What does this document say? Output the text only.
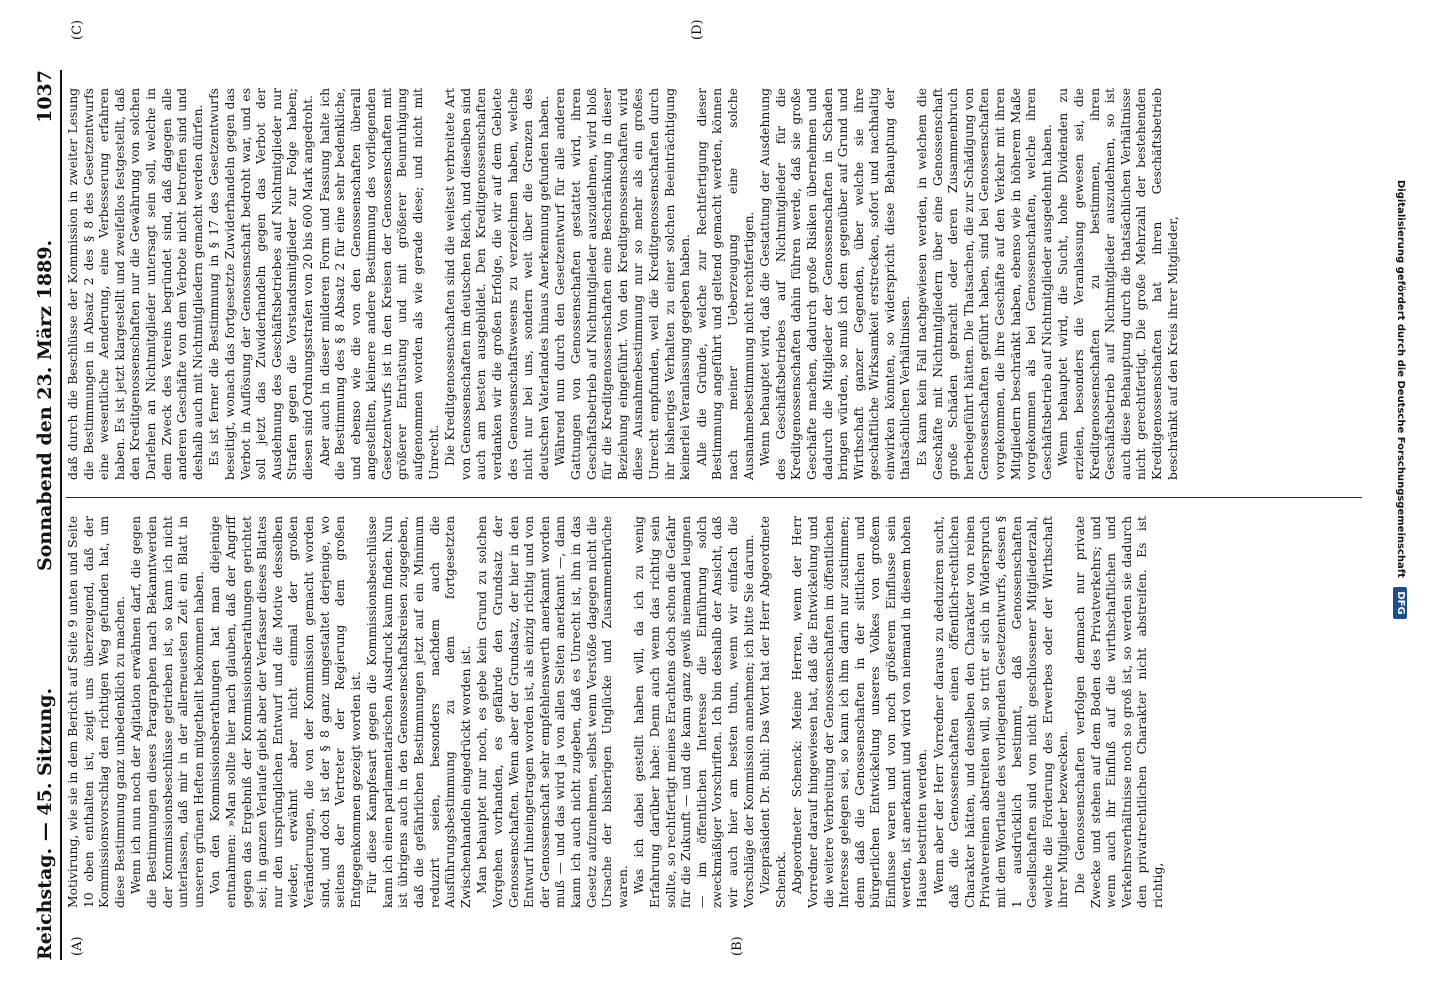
Reichstag. — 45. Sitzung.
Sonnabend den 23. März 1889.
1037
(A)	(B)
(C)	(D)

Motivirung, wie sie in dem Bericht auf Seite 9 unten und Seite 10 oben enthalten ist, zeigt uns überzeugend, daß der Kommissionsvorschlag den richtigen Weg gefunden hat, um diese Bestimmung ganz unbedenklich zu machen. Wenn ich nun noch der Agitation erwähnen darf, die gegen die Bestimmungen dieses Paragraphen nach Bekanntwerden der Kommissionsbeschlüsse getrieben ist, so kann ich nicht unterlassen, daß mir in der allerneuesten Zeit ein Blatt in unseren grünen Heften mitgetheilt bekommen haben. Von den Kommissionsberathungen hat man diejenige entnahmen: »Man sollte hier nach glauben, daß der Angriff gegen das Ergebniß der Kommissionsberathungen gerichtet sei; in ganzen Verlaufe giebt aber der Verfasser dieses Blattes nur den ursprünglichen Entwurf und die Motive desselben wieder, erwähnt aber nicht einmal der großen Veränderungen, die von der Kommission gemacht worden sind, und doch ist der § 8 ganz umgestaltet derjenige, wo seitens der Vertreter der Regierung dem großen Entgegenkommen gezeigt worden ist. Für diese Kampfesart gegen die Kommissionsbeschlüsse kann ich einen parlamentarischen Ausdruck kaum finden. Nun ist übrigens auch in den Genossenschaftskreisen zugegeben, daß die gefährlichen Bestimmungen jetzt auf ein Minimum reduzirt seien, besonders nachdem auch die Ausführungsbestimmung zu dem fortgesetzten Zwischenhandeln eingedrückt worden ist. Man behauptet nur noch, es gebe kein Grund zu solchen Vorgehen vorhanden, es gefährde den Grundsatz der Genossenschaften. Wenn aber der Grundsatz, der hier in den Entwurf hineingetragen worden ist, als einzig richtig und von der Genossenschaft sehr empfehlenswerth anerkannt worden muß — und das wird ja von allen Seiten anerkannt —, dann kann ich auch nicht zugeben, daß es Unrecht ist, ihn in das Gesetz aufzunehmen, selbst wenn Verstöße dagegen nicht die Ursache der bisherigen Unglücke und Zusammenbrüche waren. Was ich dabei gestellt haben will, da ich zu wenig Erfahrung darüber habe: Denn auch wenn das richtig sein sollte, so rechtfertigt meines Erachtens doch schon die Gefahr für die Zukunft — und die kann ganz gewiß niemand leugnen — im öffentlichen Interesse die Einführung solch zweckmäßiger Vorschriften. Ich bin deshalb der Ansicht, daß wir auch hier am besten thun, wenn wir einfach die Vorschläge der Kommission annehmen; ich bitte Sie darum. Vizepräsident Dr. Buhl: Das Wort hat der Herr Abgeordnete Schenck. Abgeordneter Schenck: Meine Herren, wenn der Herr Vorredner darauf hingewiesen hat, daß die Entwickelung und die weitere Verbreitung der Genossenschaften im öffentlichen Interesse gelegen sei, so kann ich ihm darin nur zustimmen; denn daß die Genossenschaften in der sittlichen und bürgerlichen Entwickelung unseres Volkes von großem Einflusse waren und von noch größerem Einflusse sein werden, ist anerkannt und wird von niemand in diesem hohen Hause bestritten werden. Wenn aber der Herr Vorredner daraus zu deduziren sucht, daß die Genossenschaften einen öffentlich-rechtlichen Charakter hätten, und denselben den Charakter von reinen Privatvereinen abstreiten will, so tritt er sich in Widerspruch mit dem Wortlaute des vorliegenden Gesetzentwurfs, dessen § 1 ausdrücklich bestimmt, daß Genossenschaften Gesellschaften sind von nicht geschlossener Mitgliederzahl, welche die Förderung des Erwerbes oder der Wirthschaft ihrer Mitglieder bezwecken. Die Genossenschaften verfolgen demnach nur private Zwecke und stehen auf dem Boden des Privatverkehrs; und wenn auch ihr Einfluß auf die wirthschaftlichen und Verkehrsverhältnisse noch so groß ist, so werden sie dadurch den privatrechtlichen Charakter nicht abstreifen. Es ist richtig,

daß durch die Beschlüsse der Kommission in zweiter Lesung die Bestimmungen in Absatz 2 des § 8 des Gesetzentwurfs eine wesentliche Aenderung, eine Verbesserung erfahren haben. Es ist jetzt klargestellt und zweifellos festgestellt, daß den Kreditgenossenschaften nur die Gewährung von solchen Darlehen an Nichtmitglieder untersagt sein soll, welche in dem Zweck des Vereins begründet sind, daß dagegen alle anderen Geschäfte von dem Verbote nicht betroffen sind und deshalb auch mit Nichtmitgliedern gemacht werden dürfen. Es ist ferner die Bestimmung in § 17 des Gesetzentwurfs beseitigt, wonach das fortgesetzte Zuwiderhandeln gegen das Verbot in Auflösung der Genossenschaft bedroht war, und es soll jetzt das Zuwiderhandeln gegen das Verbot der Ausdehnung des Geschäftsbetriebes auf Nichtmitglieder nur Strafen gegen die Vorstandsmitglieder zur Folge haben; diesen sind Ordnungsstrafen von 20 bis 600 Mark angedroht. Aber auch in dieser milderen Form und Fassung halte ich die Bestimmung des § 8 Absatz 2 für eine sehr bedenkliche, und ebenso wie die von den Genossenschaften überall angestellten, kleinere andere Bestimmung des vorliegenden Gesetzentwurfs ist in den Kreisen der Genossenschaften mit größerer Entrüstung und mit größerer Beunruhigung aufgenommen worden als wie gerade diese; und nicht mit Unrecht. Die Kreditgenossenschaften sind die weitest verbreitete Art von Genossenschaften im deutschen Reich, und dieselben sind auch am besten ausgebildet. Den Kreditgenossenschaften verdanken wir die großen Erfolge, die wir auf dem Gebiete des Genossenschaftswesens zu verzeichnen haben, welche nicht nur bei uns, sondern weit über die Grenzen des deutschen Vaterlandes hinaus Anerkennung gefunden haben. Während nun durch den Gesetzentwurf für alle anderen Gattungen von Genossenschaften gestattet wird, ihren Geschäftsbetrieb auf Nichtmitglieder auszudehnen, wird bloß für die Kreditgenossenschaften eine Beschränkung in dieser Beziehung eingeführt. Von den Kreditgenossenschaften wird diese Ausnahmebestimmung nur so mehr als ein großes Unrecht empfunden, weil die Kreditgenossenschaften durch ihr bisheriges Verhalten zu einer solchen Beeinträchtigung keinerlei Veranlassung gegeben haben. Alle die Gründe, welche zur Rechtfertigung dieser Bestimmung angeführt und geltend gemacht werden, können nach meiner Ueberzeugung eine solche Ausnahmebestimmung nicht rechtfertigen. Wenn behauptet wird, daß die Gestattung der Ausdehnung des Geschäftsbetriebes auf Nichtmitglieder für die Kreditgenossenschaften dahin führen werde, daß sie große Geschäfte machen, dadurch große Risiken übernehmen und dadurch die Mitglieder der Genossenschaften in Schaden bringen würden, so muß ich dem gegenüber auf Grund und Wirthschaft ganzer Gegenden, über welche sie ihre geschäftliche Wirksamkeit erstrecken, sofort und nachhaltig einwirken könnten, so widerspricht diese Behauptung der thatsächlichen Verhältnissen. Es kann kein Fall nachgewiesen werden, in welchem die Geschäfte mit Nichtmitgliedern über eine Genossenschaft große Schäden gebracht oder deren Zusammenbruch herbeigeführt hätten. Die Thatsachen, die zur Schädigung von Genossenschaften geführt haben, sind bei Genossenschaften vorgekommen, die ihre Geschäfte auf den Verkehr mit ihren Mitgliedern beschränkt haben, ebenso wie in höherem Maße vorgekommen als bei Genossenschaften, welche ihren Geschäftsbetrieb auf Nichtmitglieder ausgedehnt haben. Wenn behauptet wird, die Sucht, hohe Dividenden zu erzielen, besonders die Veranlassung gewesen sei, die Kreditgenossenschaften zu bestimmen, ihren Geschäftsbetrieb auf Nichtmitglieder auszudehnen, so ist auch diese Behauptung durch die thatsächlichen Verhältnisse nicht gerechtfertigt. Die große Mehrzahl der bestehenden Kreditgenossenschaften hat ihren Geschäftsbetrieb beschränkt auf den Kreis ihrer Mitglieder,	Digitalisierung gefördert durch die Deutsche Forschungsgemeinschaft DFG
